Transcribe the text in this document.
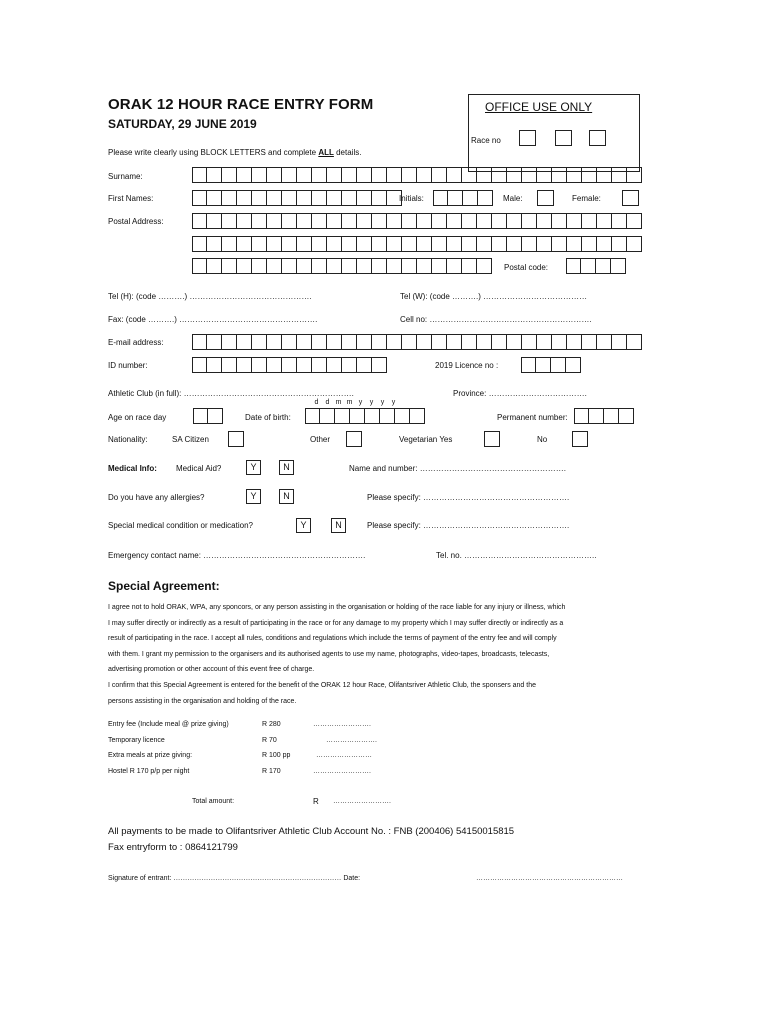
ORAK 12 HOUR RACE ENTRY FORM
SATURDAY, 29 JUNE 2019
Please write clearly using BLOCK LETTERS and complete ALL details.
OFFICE USE ONLY
Race no
Surname:
First Names:	Initials:	Male:	Female:
Postal Address:
Postal code:
Tel (H): (code ……….) ……………………………………….	Tel (W): (code ……….) …………………………………
Fax: (code ……….) …………………………………………….	Cell no: …………………………………………………….
E-mail address:
ID number:	2019 Licence no :
Athletic Club (in full): ……………………………………………………….	Province: ……………………………….
d d m m y y y y
Age on race day	Date of birth:	Permanent number:
Nationality:	SA Citizen	Other	Vegetarian Yes	No
Medical Info: Medical Aid?	Y	N	Name and number: ……………………………………………….
Do you have any allergies?	Y	N	Please specify: ……………………………………………….
Special medical condition or medication?	Y	N	Please specify: ……………………………………………….
Emergency contact name: …………………………………………………….	Tel. no. …………………………………………..
Special Agreement:
I agree not to hold ORAK, WPA, any sponcors, or any person assisting in the organisation or holding of the race liable for any injury or illness, which
I may suffer directly or indirectly as a result of participating in the race or for any damage to my property which I may suffer directly or indirectly as a
result of participating in the race. I accept all rules, conditions and regulations which include the terms of payment of the entry fee and will comply
with them. I grant my permission to the organisers and its authorised agents to use my name, photographs, video-tapes, broadcasts, telecasts,
advertising promotion or other account of this event free of charge.
I confirm that this Special Agreement is entered for the benefit of the ORAK 12 hour Race, Olifantsriver Athletic Club, the sponsers and the
persons assisting in the organisation and holding of the race.
Entry fee (Include meal @ prize giving)	R 280	…………………….
Temporary licence	R 70	………………….
Extra meals at prize giving:	R 100 pp	……………………
Hostel R 170 p/p per night	R 170	…………………….
Total amount:	R …………………….
All payments to be made to Olifantsriver Athletic Club Account No. : FNB (200406) 54150015815
Fax entryform to : 0864121799
Signature of entrant: ……………………………………………………………… Date:	………………………………………………………
